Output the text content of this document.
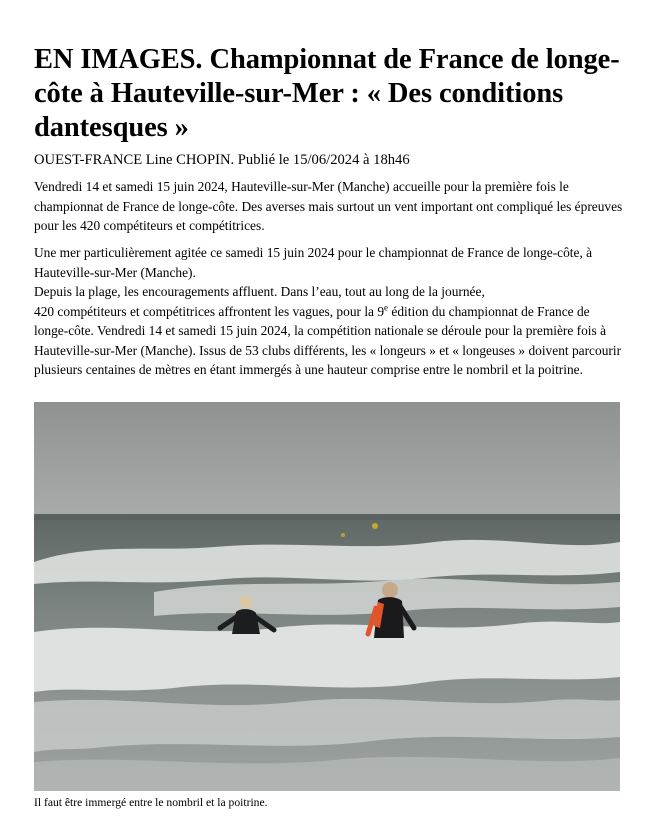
EN IMAGES. Championnat de France de longe-côte à Hauteville-sur-Mer : « Des conditions dantesques »
OUEST-FRANCE Line CHOPIN. Publié le 15/06/2024 à 18h46

Vendredi 14 et samedi 15 juin 2024, Hauteville-sur-Mer (Manche) accueille pour la première fois le championnat de France de longe-côte. Des averses mais surtout un vent important ont compliqué les épreuves pour les 420 compétiteurs et compétitrices.

Une mer particulièrement agitée ce samedi 15 juin 2024 pour le championnat de France de longe-côte, à Hauteville-sur-Mer (Manche).
Depuis la plage, les encouragements affluent. Dans l’eau, tout au long de la journée,
420 compétiteurs et compétitrices affrontent les vagues, pour la 9e édition du championnat de France de longe-côte. Vendredi 14 et samedi 15 juin 2024, la compétition nationale se déroule pour la première fois à Hauteville-sur-Mer (Manche). Issus de 53 clubs différents, les « longeurs » et « longeuses » doivent parcourir plusieurs centaines de mètres en étant immergés à une hauteur comprise entre le nombril et la poitrine.
Il faut être immergé entre le nombril et la poitrine.
